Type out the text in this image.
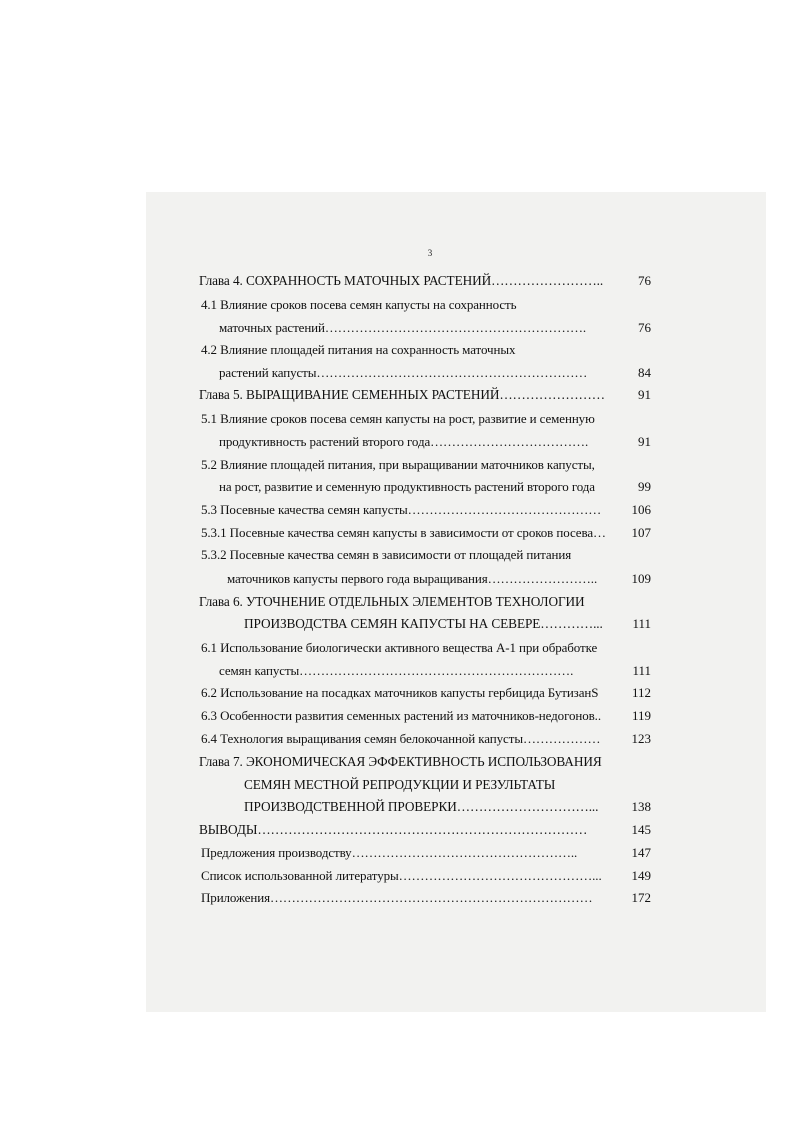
3
Глава 4. СОХРАННОСТЬ МАТОЧНЫХ РАСТЕНИЙ……………………..	76
4.1 Влияние сроков посева семян капусты на сохранность
маточных растений…………………………………………………….	76
4.2 Влияние площадей питания на сохранность маточных
растений капусты………………………………………………………	84
Глава 5. ВЫРАЩИВАНИЕ СЕМЕННЫХ РАСТЕНИЙ……………………	91
5.1 Влияние сроков посева семян капусты на рост, развитие и семенную
продуктивность растений второго года……………………………….	91
5.2 Влияние площадей питания, при выращивании маточников капусты,
на рост, развитие и семенную продуктивность растений второго года	99
5.3 Посевные качества семян капусты……………………………………… 106
5.3.1 Посевные качества семян капусты в зависимости от сроков посева… 107
5.3.2 Посевные качества семян в зависимости от площадей питания
маточников капусты первого года выращивания……………………..	109
Глава 6. УТОЧНЕНИЕ ОТДЕЛЬНЫХ ЭЛЕМЕНТОВ ТЕХНОЛОГИИ
ПРОИЗВОДСТВА СЕМЯН КАПУСТЫ НА СЕВЕРЕ…………... 111
6.1 Использование биологически активного вещества А-1 при обработке
семян капусты……………………………………………………….	111
6.2 Использование на посадках маточников капусты гербицида БутизанS	112
6.3 Особенности развития семенных растений из маточников-недогонов.. 119
6.4 Технология выращивания семян белокочанной капусты……………… 123
Глава 7. ЭКОНОМИЧЕСКАЯ ЭФФЕКТИВНОСТЬ ИСПОЛЬЗОВАНИЯ
СЕМЯН МЕСТНОЙ РЕПРОДУКЦИИ И РЕЗУЛЬТАТЫ
ПРОИЗВОДСТВЕННОЙ ПРОВЕРКИ…………………………...	138
ВЫВОДЫ…………………………………………………………………	145
Предложения производству……………………………………………..	147
Список использованной литературы………………………………………... 149
Приложения…………………………………………………………………	172
